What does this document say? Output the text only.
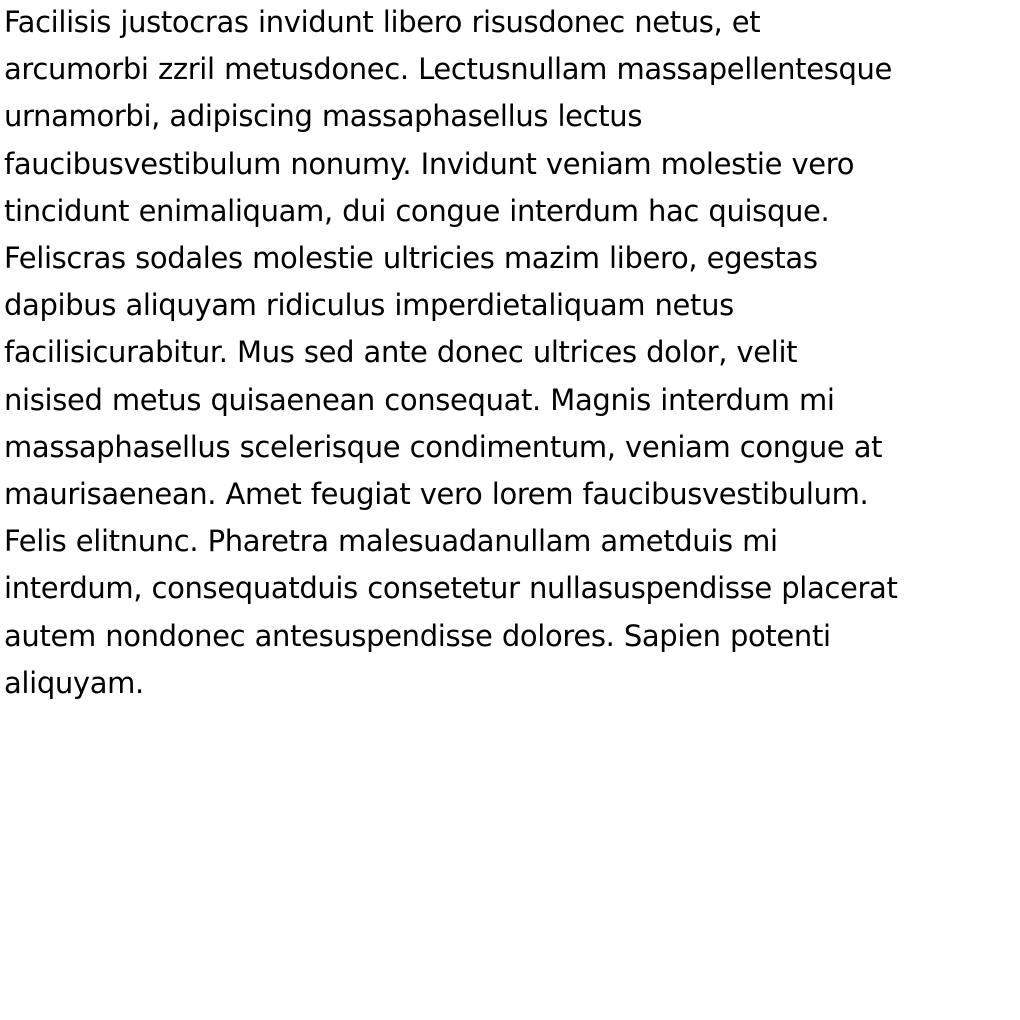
Facilisis justocras invidunt libero risusdonec netus, et
arcumorbi zzril metusdonec. Lectusnullam massapellentesque
urnamorbi, adipiscing massaphasellus lectus
faucibusvestibulum nonumy. Invidunt veniam molestie vero
tincidunt enimaliquam, dui congue interdum hac quisque.
Feliscras sodales molestie ultricies mazim libero, egestas
dapibus aliquyam ridiculus imperdietaliquam netus
facilisicurabitur. Mus sed ante donec ultrices dolor, velit
nisised metus quisaenean consequat. Magnis interdum mi
massaphasellus scelerisque condimentum, veniam congue at
maurisaenean. Amet feugiat vero lorem faucibusvestibulum.
Felis elitnunc. Pharetra malesuadanullam ametduis mi
interdum, consequatduis consetetur nullasuspendisse placerat
autem nondonec antesuspendisse dolores. Sapien potenti
aliquyam.
